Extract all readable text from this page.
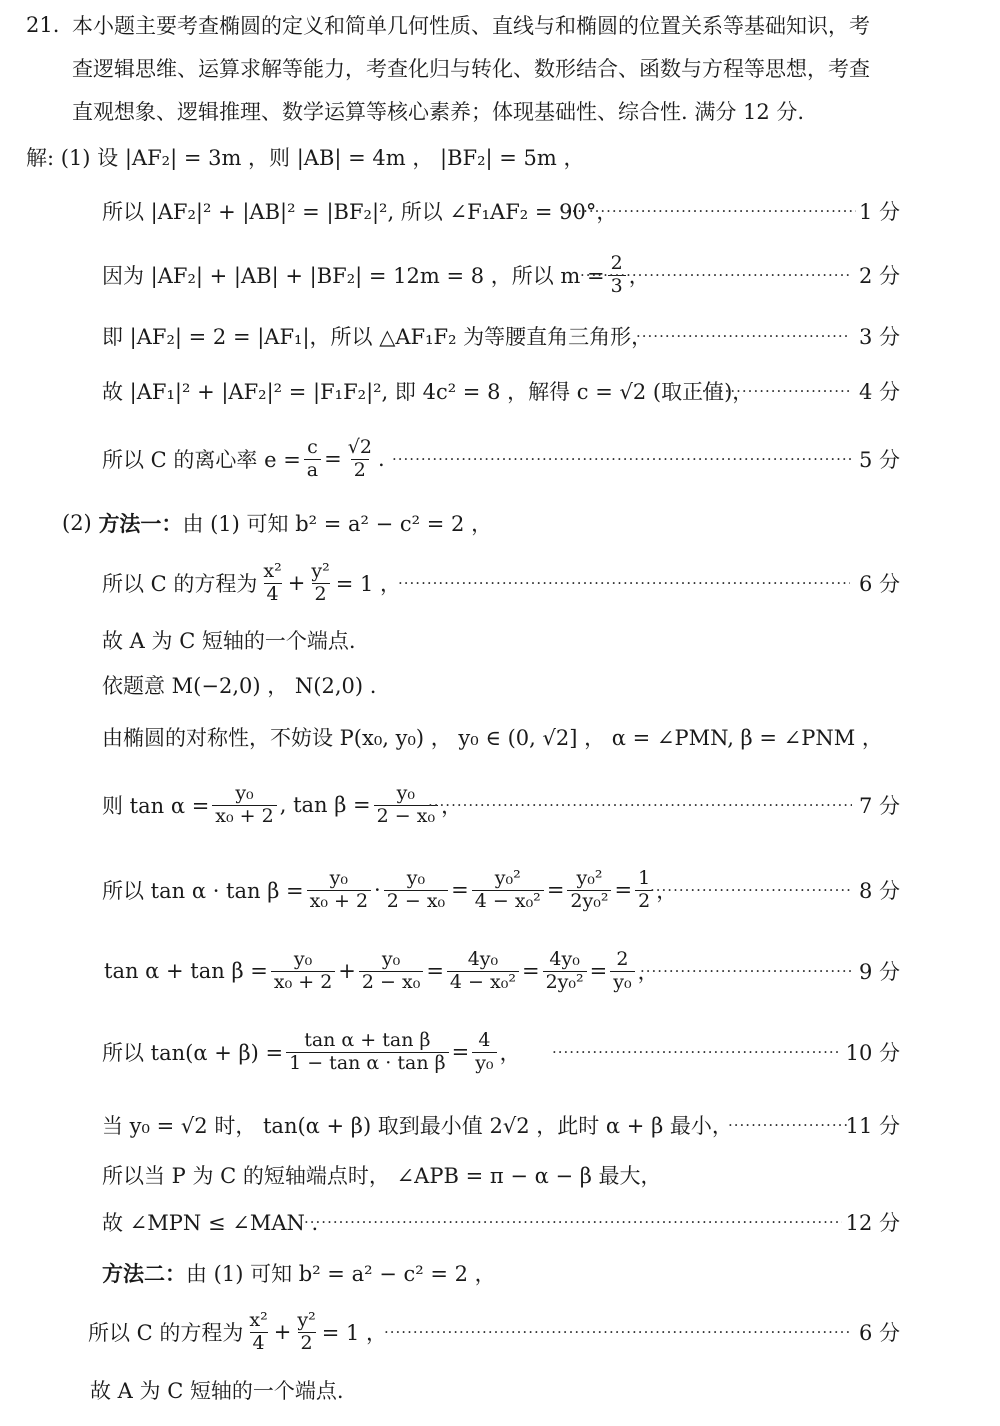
21. 本小题主要考查椭圆的定义和简单几何性质、直线与和椭圆的位置关系等基础知识，考
查逻辑思维、运算求解等能力，考查化归与转化、数形结合、函数与方程等思想，考查
直观想象、逻辑推理、数学运算等核心素养；体现基础性、综合性. 满分 12 分.
解: (1) 设 |AF₂| = 3m ，则 |AB| = 4m ， |BF₂| = 5m ，
所以 |AF₂|² + |AB|² = |BF₂|², 所以 ∠F₁AF₂ = 90°， ·····	1 分
因为 |AF₂| + |AB| + |BF₂| = 12m = 8 ，所以 $m = \frac{2}{3}$ ， ·····	2 分
即 |AF₂| = 2 = |AF₁|，所以 △AF₁F₂ 为等腰直角三角形， ·····	3 分
故 |AF₁|² + |AF₂|² = |F₁F₂|², 即 4c² = 8 ，解得 c = √2 (取正值)， ·····	4 分
所以 C 的离心率 $e = \frac{c}{a} = \frac{√2}{2}$ . ·····	5 分
(2)
方法一： 由 (1) 可知 b² = a² − c² = 2 ，
所以 C 的方程为 $\frac{\text{x²}}{4} + \frac{\text{y²}}{2} = 1$ ， ·····	6 分
故 A 为 C 短轴的一个端点.
依题意 M(−2,0) ， N(2,0) .
由椭圆的对称性，不妨设 P(x₀, y₀) ， y₀ ∈ (0, √2] ， α = ∠PMN, β = ∠PNM ，
则 $\tan \alpha = \frac{\text{y₀}}{\text{x₀ + 2}}$ , $\tan \beta = \frac{\text{y₀}}{\text{2 − x₀}}$ ， ·····	7 分
所以 $\tan \alpha \cdot \tan \beta = \frac{\text{y₀}}{\text{x₀ + 2}} \cdot \frac{\text{y₀}}{\text{2 − x₀}} = \frac{\text{y₀²}}{\text{4 − x₀²}} = \frac{\text{y₀²}}{\text{2y₀²}} = \frac{1}{2}$ ， ·····	8 分
$\tan \alpha + \tan \beta = \frac{\text{y₀}}{\text{x₀ + 2}} + \frac{\text{y₀}}{\text{2 − x₀}} = \frac{\text{4y₀}}{\text{4 − x₀²}} = \frac{\text{4y₀}}{\text{2y₀²}} = \frac{2}{\text{y₀}}$ ， ·····	9 分
所以 $\tan(\alpha + \beta) = \frac{\text{tan α + tan β}}{\text{1 − tan α · tan β}} = \frac{4}{\text{y₀}}$ ， ·····	10 分
当 y₀ = √2 时， tan(α + β) 取到最小值 2√2 ，此时 α + β 最小， ·····	11 分
所以当 P 为 C 的短轴端点时， ∠APB = π − α − β 最大，
故 ∠MPN ≤ ∠MAN . ·····	12 分
方法二： 由 (1) 可知 b² = a² − c² = 2 ，
所以 C 的方程为 $\frac{\text{x²}}{4} + \frac{\text{y²}}{2} = 1$ ， ·····	6 分
故 A 为 C 短轴的一个端点.
